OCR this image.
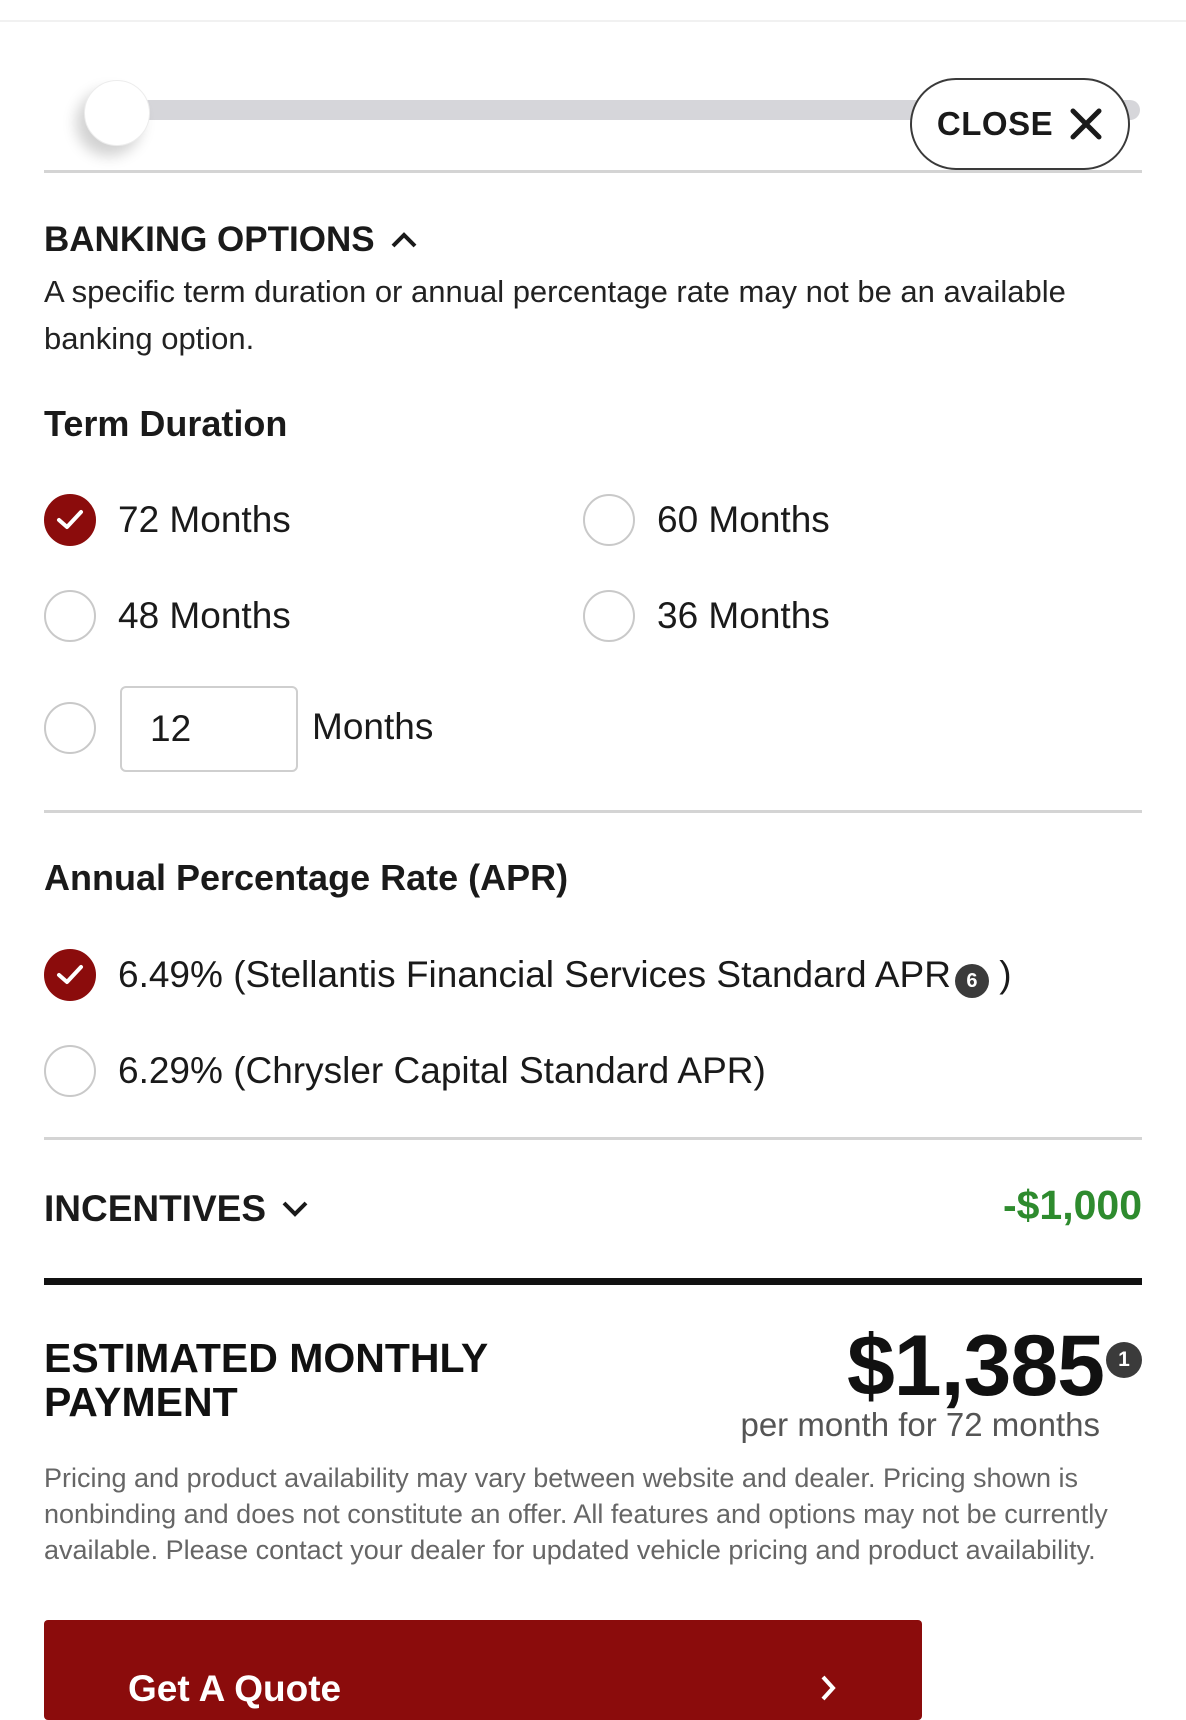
CLOSE
BANKING OPTIONS
A specific term duration or annual percentage rate may not be an available banking option.
Term Duration
72 Months	60 Months
48 Months	36 Months
12
Months
Annual Percentage Rate (APR)
6.49% (Stellantis Financial Services Standard APR 6 )
6.29% (Chrysler Capital Standard APR)
INCENTIVES	-$1,000
ESTIMATED MONTHLY PAYMENT	$1,385 1
per month for 72 months
Pricing and product availability may vary between website and dealer. Pricing shown is nonbinding and does not constitute an offer. All features and options may not be currently available. Please contact your dealer for updated vehicle pricing and product availability.
Get A Quote
